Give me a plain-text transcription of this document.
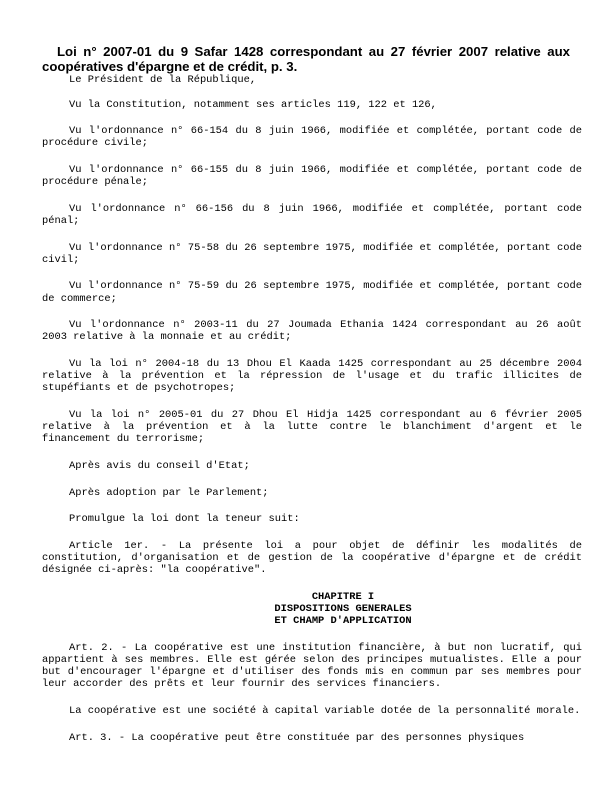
Loi n° 2007-01 du 9 Safar 1428 correspondant au 27 février 2007 relative aux coopératives d'épargne et de crédit, p. 3.

Le Président de la République,

Vu la Constitution, notamment ses articles 119, 122 et 126,

Vu l'ordonnance n° 66-154 du 8 juin 1966, modifiée et complétée, portant code de procédure civile;

Vu l'ordonnance n° 66-155 du 8 juin 1966, modifiée et complétée, portant code de procédure pénale;

Vu l'ordonnance n° 66-156 du 8 juin 1966, modifiée et complétée, portant code pénal;

Vu l'ordonnance n° 75-58 du 26 septembre 1975, modifiée et complétée, portant code civil;

Vu l'ordonnance n° 75-59 du 26 septembre 1975, modifiée et complétée, portant code de commerce;

Vu l'ordonnance n° 2003-11 du 27 Joumada Ethania 1424 correspondant au 26 août 2003 relative à la monnaie et au crédit;

Vu la loi n° 2004-18 du 13 Dhou El Kaada 1425 correspondant au 25 décembre 2004 relative à la prévention et la répression de l'usage et du trafic illicites de stupéfiants et de psychotropes;

Vu la loi n° 2005-01 du 27 Dhou El Hidja 1425 correspondant au 6 février 2005 relative à la prévention et à la lutte contre le blanchiment d'argent et le financement du terrorisme;

Après avis du conseil d'Etat;

Après adoption par le Parlement;

Promulgue la loi dont la teneur suit:

Article 1er. - La présente loi a pour objet de définir les modalités de constitution, d'organisation et de gestion de la coopérative d'épargne et de crédit désignée ci-après: "la coopérative".

CHAPITRE I
DISPOSITIONS GENERALES
ET CHAMP D'APPLICATION

Art. 2. - La coopérative est une institution financière, à but non lucratif, qui appartient à ses membres. Elle est gérée selon des principes mutualistes. Elle a pour but d'encourager l'épargne et d'utiliser des fonds mis en commun par ses membres pour leur accorder des prêts et leur fournir des services financiers.

La coopérative est une société à capital variable dotée de la personnalité morale.

Art. 3. - La coopérative peut être constituée par des personnes physiques
